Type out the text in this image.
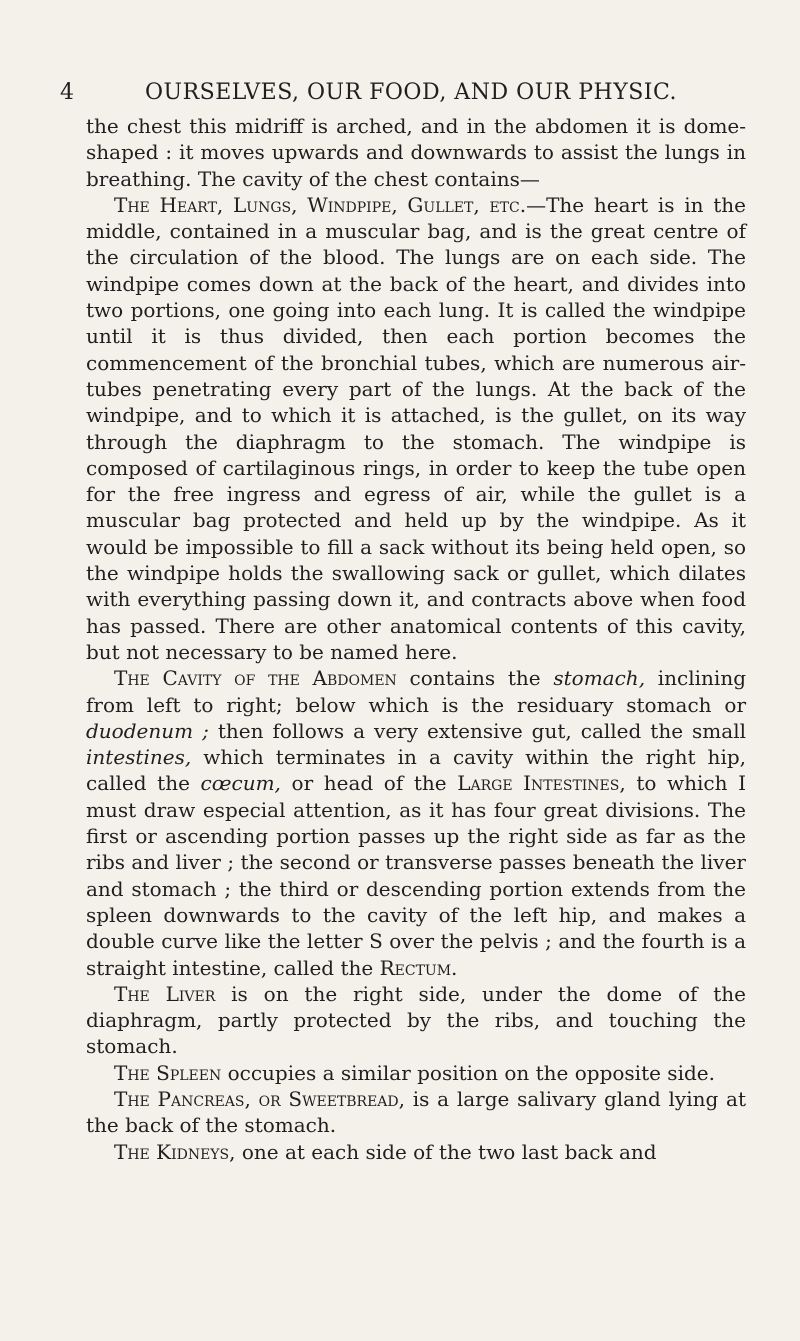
4	OURSELVES, OUR FOOD, AND OUR PHYSIC.

the chest this midriff is arched, and in the abdomen it is dome-shaped : it moves upwards and downwards to assist the lungs in breathing. The cavity of the chest contains—

The Heart, Lungs, Windpipe, Gullet, etc.—The heart is in the middle, contained in a muscular bag, and is the great centre of the circulation of the blood. The lungs are on each side. The windpipe comes down at the back of the heart, and divides into two portions, one going into each lung. It is called the windpipe until it is thus divided, then each portion becomes the commencement of the bronchial tubes, which are numerous air-tubes penetrating every part of the lungs. At the back of the windpipe, and to which it is attached, is the gullet, on its way through the diaphragm to the stomach. The windpipe is composed of cartilaginous rings, in order to keep the tube open for the free ingress and egress of air, while the gullet is a muscular bag protected and held up by the windpipe. As it would be impossible to fill a sack without its being held open, so the windpipe holds the swallowing sack or gullet, which dilates with everything passing down it, and contracts above when food has passed. There are other anatomical contents of this cavity, but not necessary to be named here.

The Cavity of the Abdomen contains the stomach, inclining from left to right; below which is the residuary stomach or duodenum ; then follows a very extensive gut, called the small intestines, which terminates in a cavity within the right hip, called the cœcum, or head of the Large Intestines, to which I must draw especial attention, as it has four great divisions. The first or ascending portion passes up the right side as far as the ribs and liver ; the second or transverse passes beneath the liver and stomach ; the third or descending portion extends from the spleen downwards to the cavity of the left hip, and makes a double curve like the letter S over the pelvis ; and the fourth is a straight intestine, called the Rectum.

The Liver is on the right side, under the dome of the diaphragm, partly protected by the ribs, and touching the stomach.

The Spleen occupies a similar position on the opposite side.

The Pancreas, or Sweetbread, is a large salivary gland lying at the back of the stomach.

The Kidneys, one at each side of the two last back and
